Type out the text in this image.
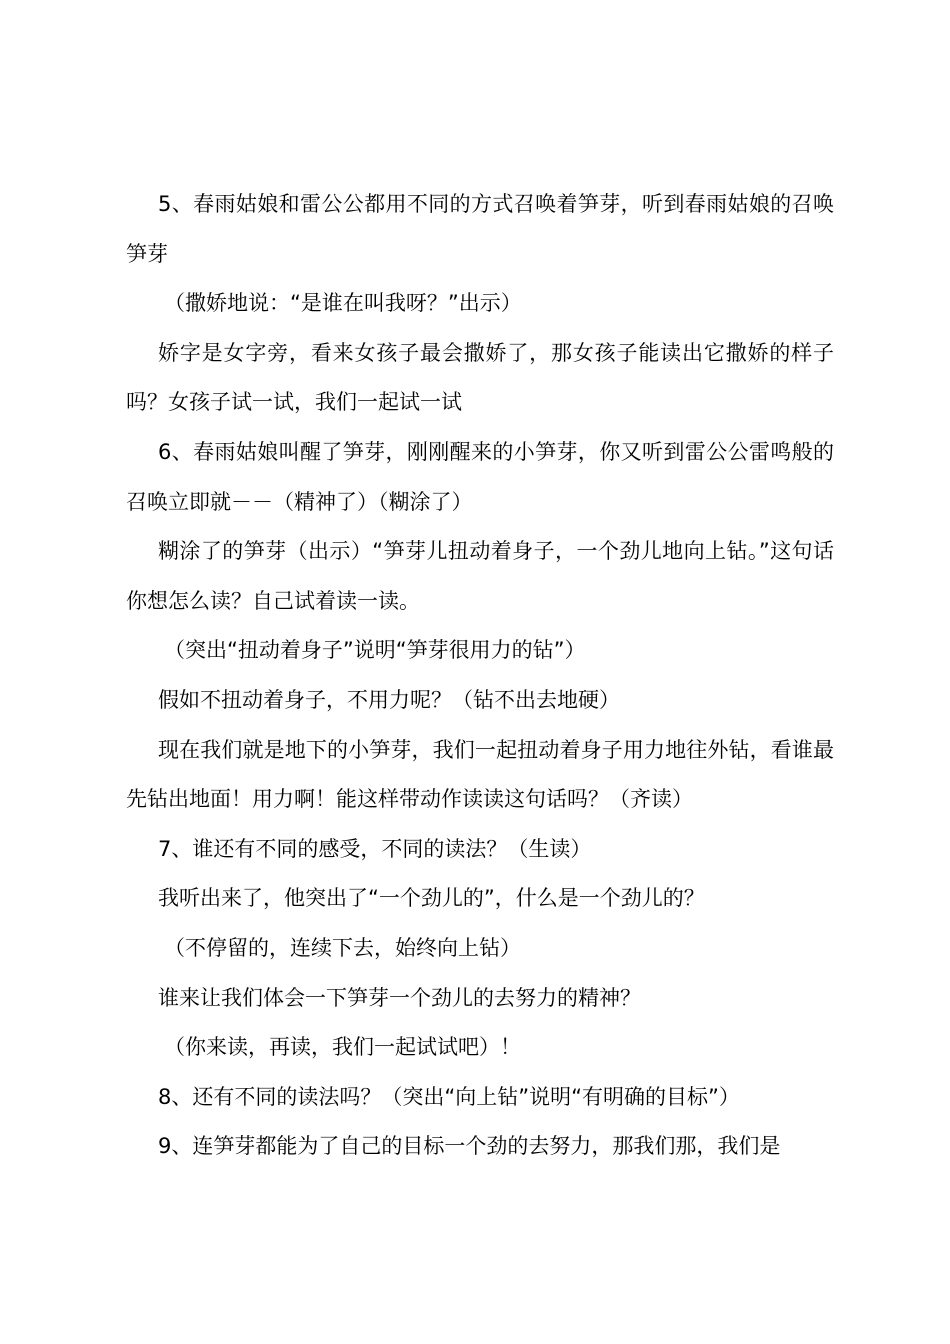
5、春雨姑娘和雷公公都用不同的方式召唤着笋芽，听到春雨姑娘的召唤笋芽

（撒娇地说：“是谁在叫我呀？”出示）

娇字是女字旁，看来女孩子最会撒娇了，那女孩子能读出它撒娇的样子吗？女孩子试一试，我们一起试一试

6、春雨姑娘叫醒了笋芽，刚刚醒来的小笋芽，你又听到雷公公雷鸣般的召唤立即就－－（精神了）（糊涂了）

糊涂了的笋芽（出示）“笋芽儿扭动着身子，一个劲儿地向上钻。”这句话你想怎么读？自己试着读一读。

（突出“扭动着身子”说明“笋芽很用力的钻”）

假如不扭动着身子，不用力呢？（钻不出去地硬）

现在我们就是地下的小笋芽，我们一起扭动着身子用力地往外钻，看谁最先钻出地面！用力啊！能这样带动作读读这句话吗？（齐读）

7、谁还有不同的感受，不同的读法？（生读）

我听出来了，他突出了“一个劲儿的”，什么是一个劲儿的？

（不停留的，连续下去，始终向上钻）

谁来让我们体会一下笋芽一个劲儿的去努力的精神？

（你来读，再读，我们一起试试吧）！

8、还有不同的读法吗？（突出“向上钻”说明“有明确的目标”）

9、连笋芽都能为了自己的目标一个劲的去努力，那我们那，我们是
